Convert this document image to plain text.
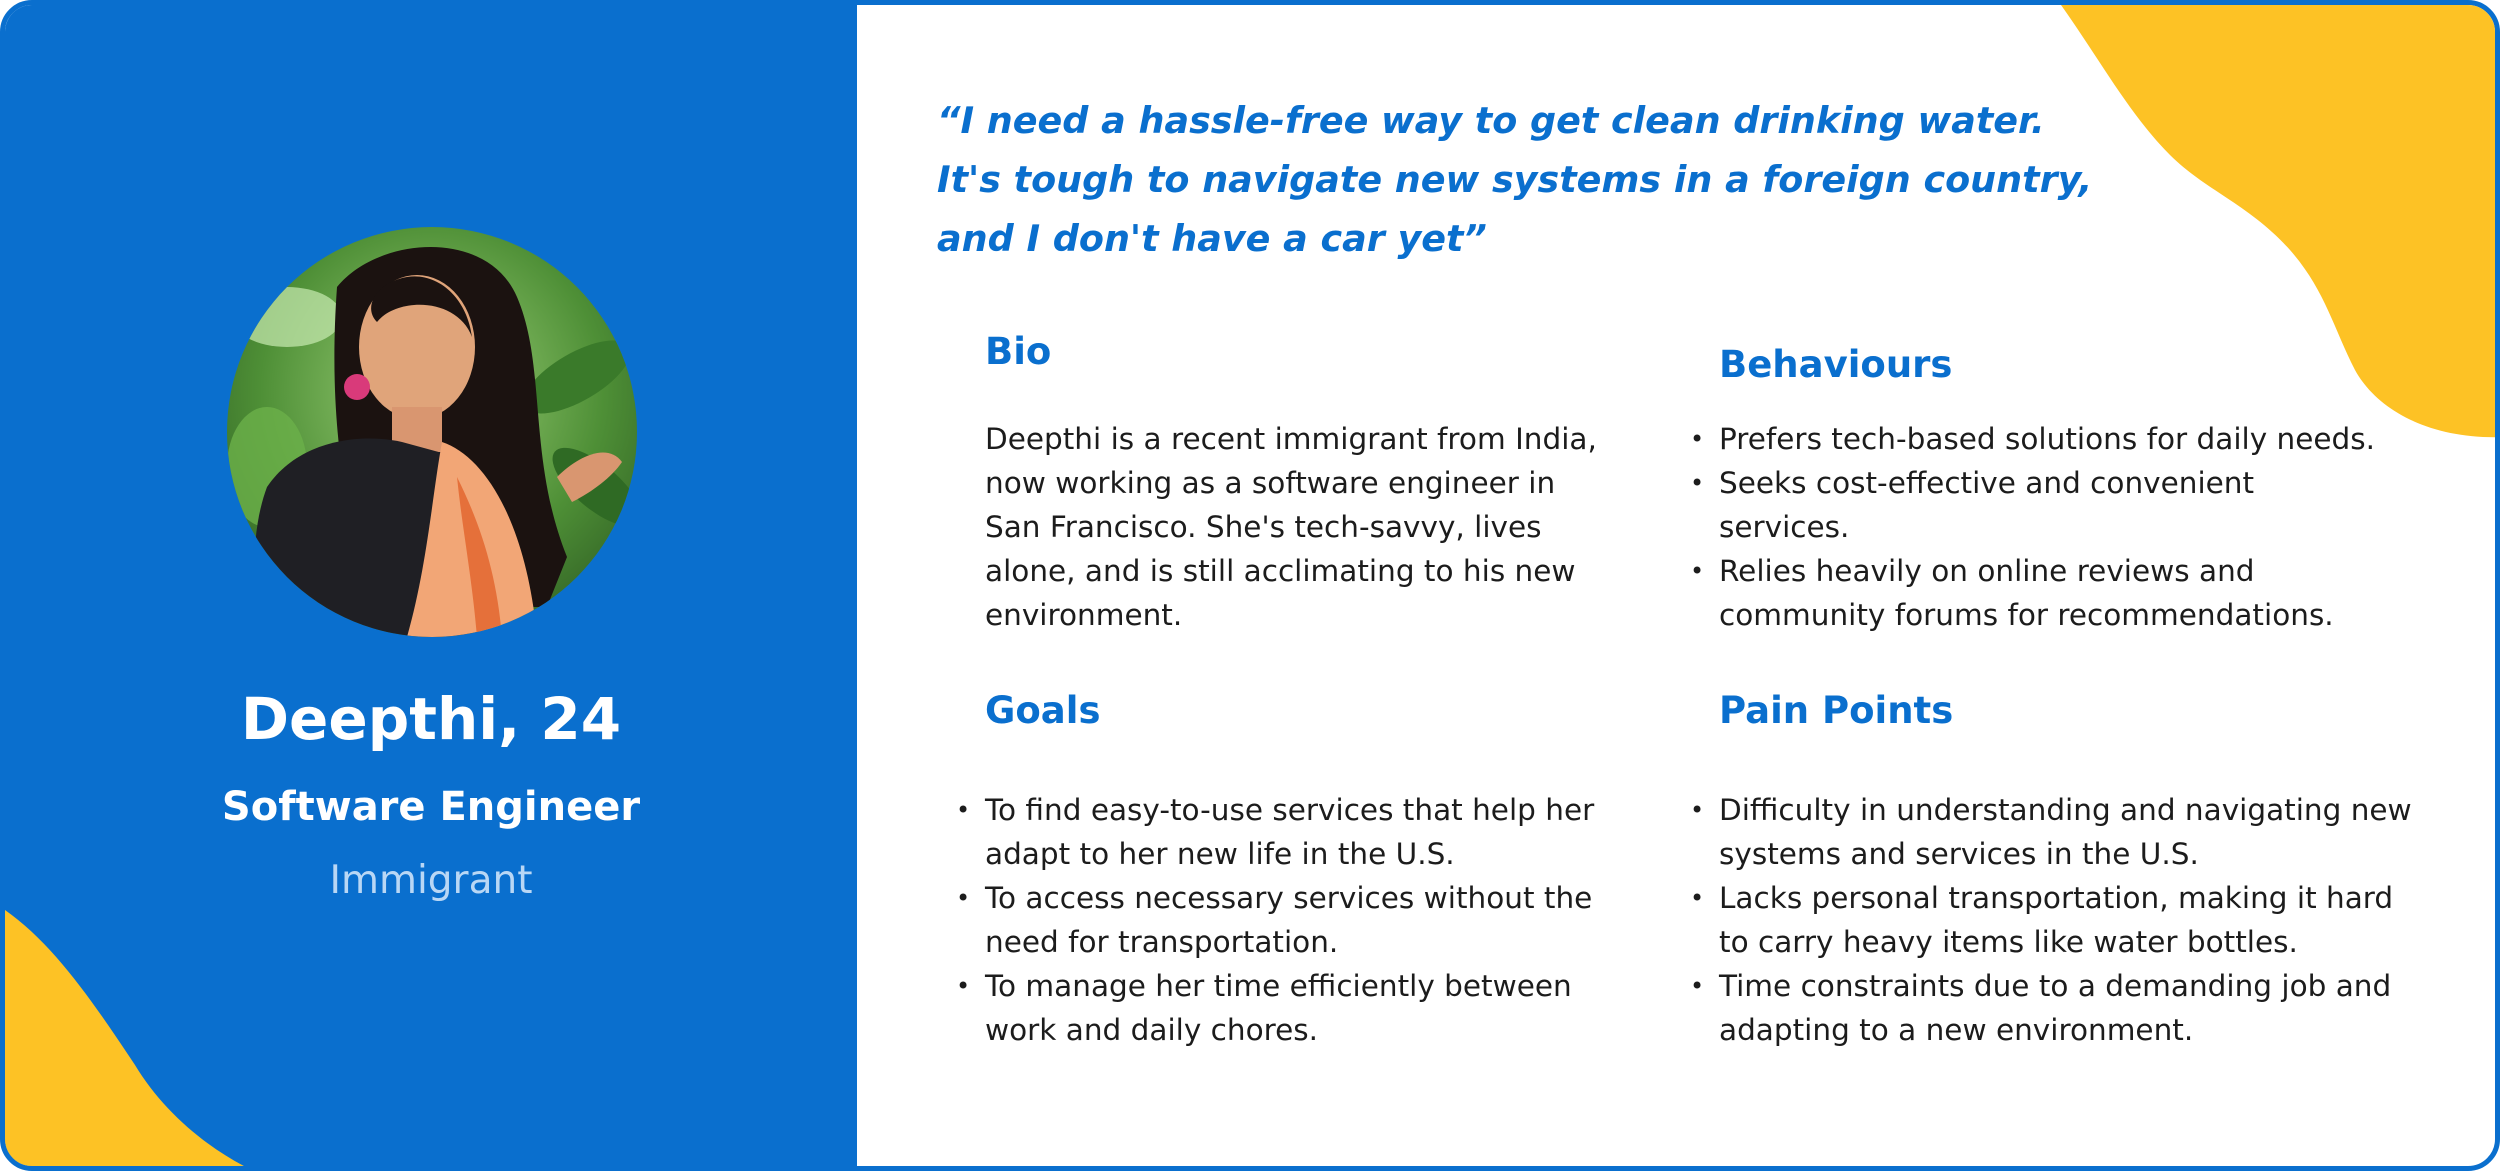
Deepthi, 24
Software Engineer
Immigrant
“I need a hassle-free way to get clean drinking water.
It's tough to navigate new systems in a foreign country,
and I don't have a car yet”
Bio
Deepthi is a recent immigrant from India,
now working as a software engineer in
San Francisco. She's tech-savvy, lives
alone, and is still acclimating to his new
environment.
Behaviours
• Prefers tech-based solutions for daily needs.
• Seeks cost-effective and convenient
services.
• Relies heavily on online reviews and
community forums for recommendations.
Goals
• To find easy-to-use services that help her
adapt to her new life in the U.S.
• To access necessary services without the
need for transportation.
• To manage her time efficiently between
work and daily chores.
Pain Points
• Difficulty in understanding and navigating new
systems and services in the U.S.
• Lacks personal transportation, making it hard
to carry heavy items like water bottles.
• Time constraints due to a demanding job and
adapting to a new environment.
